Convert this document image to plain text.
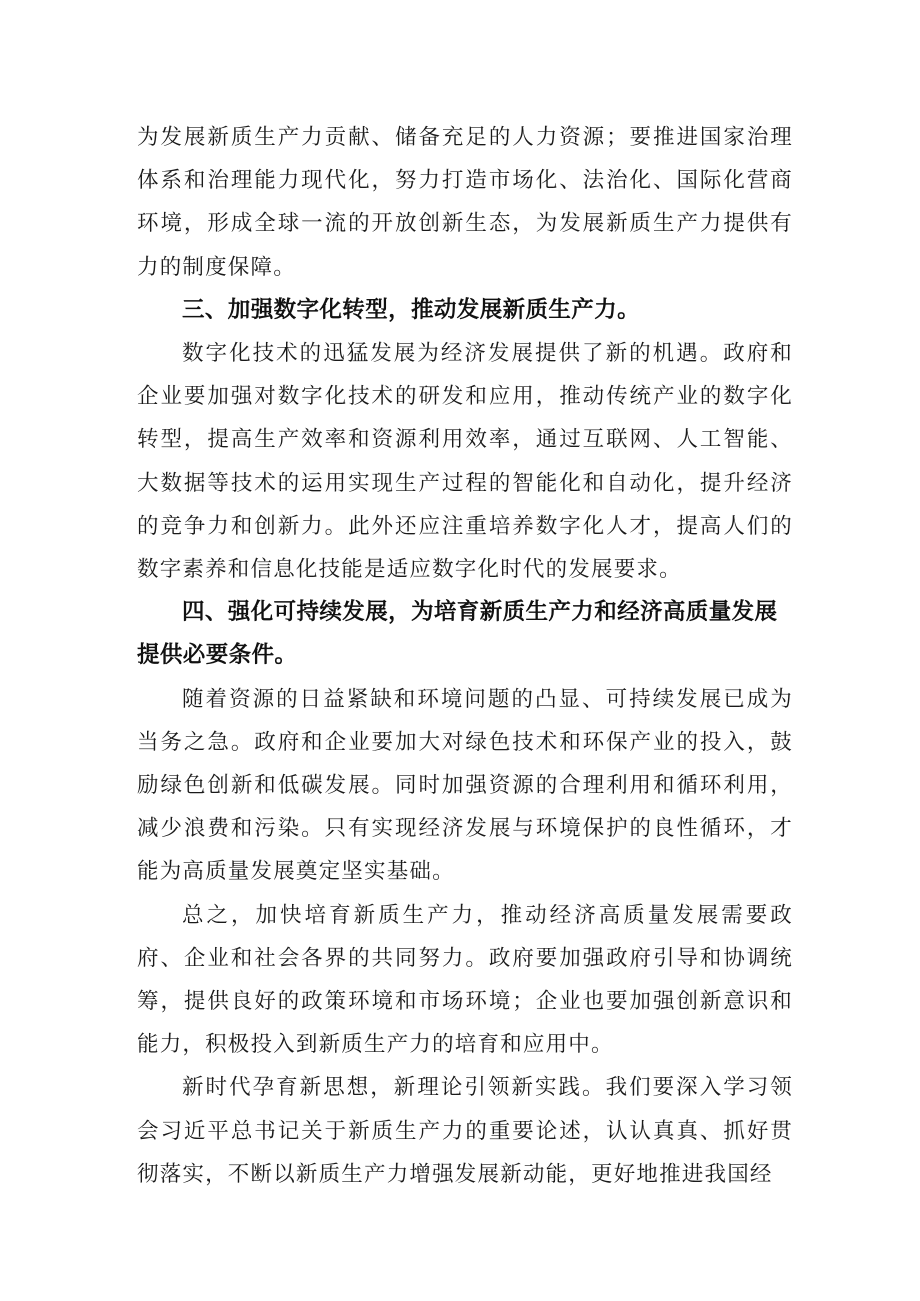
为发展新质生产力贡献、储备充足的人力资源；要推进国家治理体系和治理能力现代化，努力打造市场化、法治化、国际化营商环境，形成全球一流的开放创新生态，为发展新质生产力提供有力的制度保障。

三、加强数字化转型，推动发展新质生产力。

数字化技术的迅猛发展为经济发展提供了新的机遇。政府和企业要加强对数字化技术的研发和应用，推动传统产业的数字化转型，提高生产效率和资源利用效率，通过互联网、人工智能、大数据等技术的运用实现生产过程的智能化和自动化，提升经济的竞争力和创新力。此外还应注重培养数字化人才，提高人们的数字素养和信息化技能是适应数字化时代的发展要求。

四、强化可持续发展，为培育新质生产力和经济高质量发展提供必要条件。

随着资源的日益紧缺和环境问题的凸显、可持续发展已成为当务之急。政府和企业要加大对绿色技术和环保产业的投入，鼓励绿色创新和低碳发展。同时加强资源的合理利用和循环利用，减少浪费和污染。只有实现经济发展与环境保护的良性循环，才能为高质量发展奠定坚实基础。

总之，加快培育新质生产力，推动经济高质量发展需要政府、企业和社会各界的共同努力。政府要加强政府引导和协调统筹，提供良好的政策环境和市场环境；企业也要加强创新意识和能力，积极投入到新质生产力的培育和应用中。

新时代孕育新思想，新理论引领新实践。我们要深入学习领会习近平总书记关于新质生产力的重要论述，认认真真、抓好贯彻落实，不断以新质生产力增强发展新动能，更好地推进我国经
